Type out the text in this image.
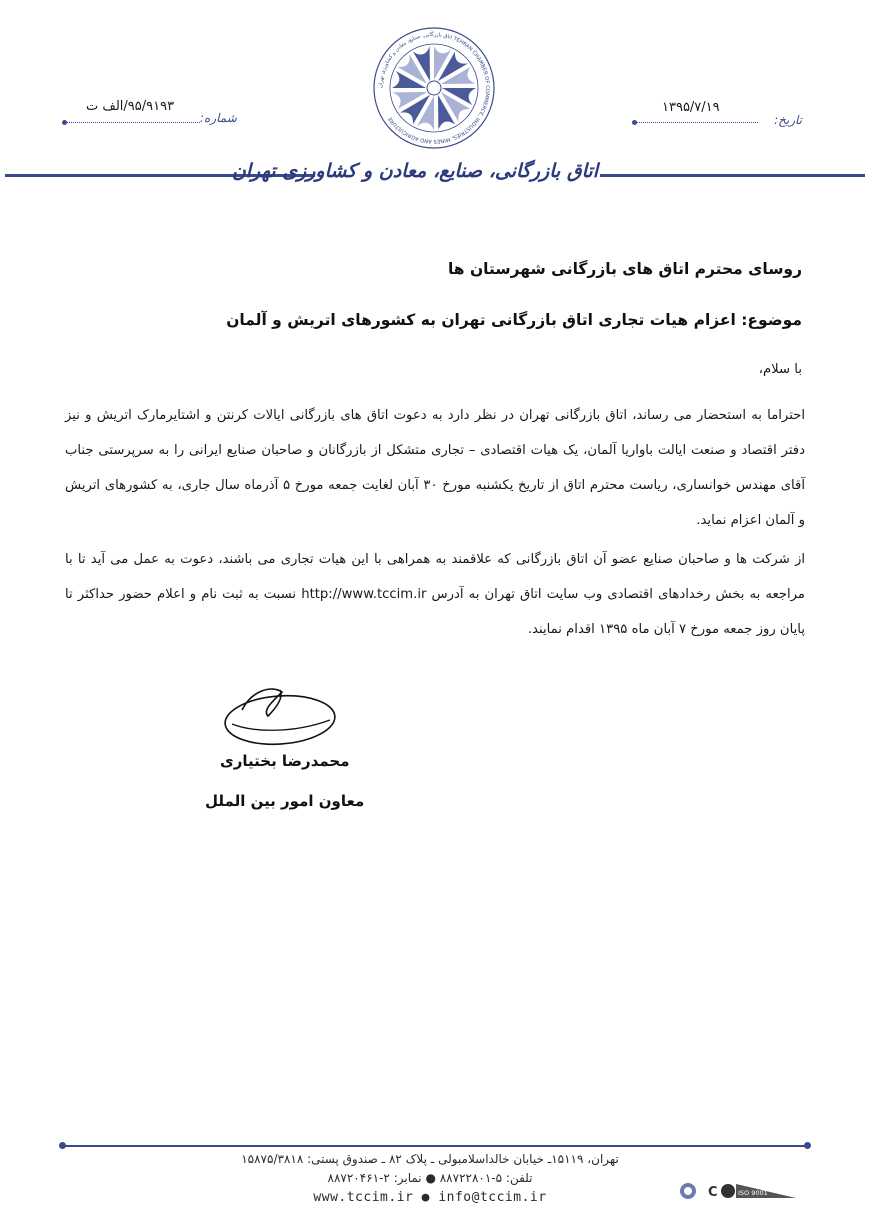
اتاق بازرگانی، صنایع، معادن و کشاورزی تهران TEHRAN CHAMBER OF COMMERCE, INDUSTRIES, MINES AND AGRICULTURE	تاریخ:
۱۳۹۵/۷/۱۹
شماره:
۹۵/۹۱۹۳/الف ت
اتاق بازرگانی، صنایع، معادن و کشاورزی تهران
روسای محترم اتاق های بازرگانی شهرستان ها
موضوع: اعزام هیات تجاری اتاق بازرگانی تهران به کشورهای اتریش و آلمان
با سلام،
احتراما به استحضار می رساند، اتاق بازرگانی تهران در نظر دارد به دعوت اتاق های بازرگانی ایالات کرنتن و اشتایرمارک اتریش و نیز دفتر اقتصاد و صنعت ایالت باواریا آلمان، یک هیات اقتصادی – تجاری متشکل از بازرگانان و صاحبان صنایع ایرانی را به سرپرستی جناب آقای مهندس خوانساری، ریاست محترم اتاق از تاریخ یکشنبه مورخ ۳۰ آبان لغایت جمعه مورخ ۵ آذرماه سال جاری، به کشورهای اتریش و آلمان اعزام نماید.
از شرکت ها و صاحبان صنایع عضو آن اتاق بازرگانی که علاقمند به همراهی با این هیات تجاری می باشند، دعوت به عمل می آید تا با مراجعه به بخش رخدادهای اقتصادی وب سایت اتاق تهران به آدرس http://www.tccim.ir نسبت به ثبت نام و اعلام حضور حداکثر تا پایان روز جمعه مورخ ۷ آبان ماه ۱۳۹۵ اقدام نمایند.
محمدرضا بختیاری
معاون امور بین الملل
تهران، ۱۵۱۱۹ـ خیابان خالداسلامبولی ـ پلاک ۸۲ ـ صندوق پستی: ۱۵۸۷۵/۳۸۱۸
تلفن: ۵-۸۸۷۲۲۸۰۱ ● نمابر: ۲-۸۸۷۲۰۴۶۱
www.tccim.ir ● info@tccim.ir	C	ISO 9001
